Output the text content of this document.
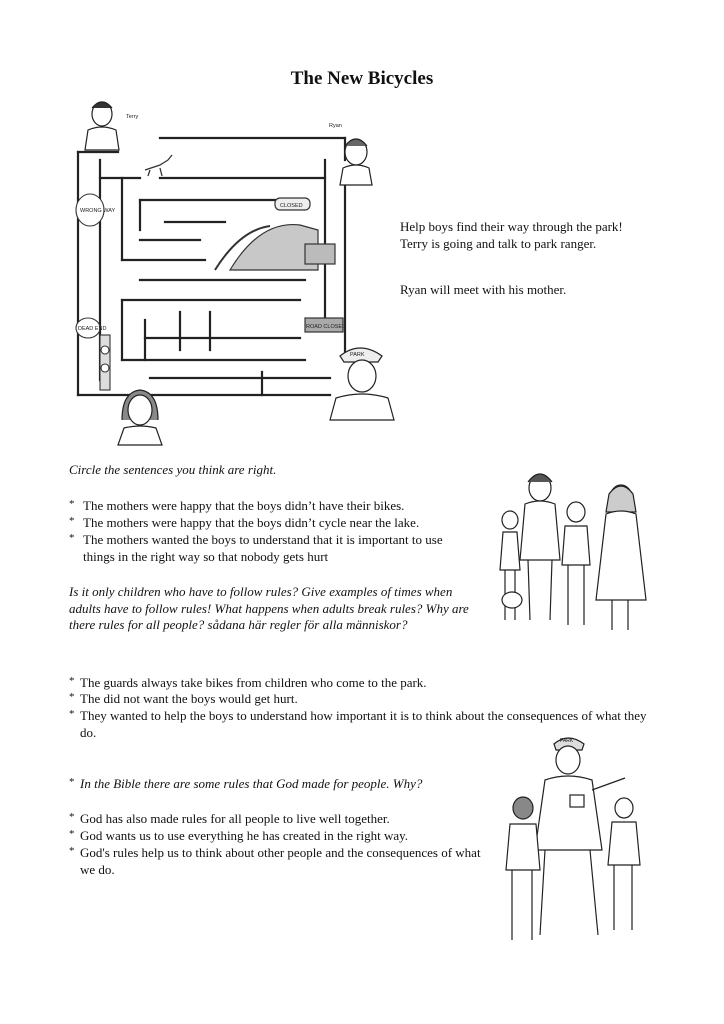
The New Bicycles
Terry
Ryan
WRONG WAY
DEAD END
CLOSED
ROAD CLOSED
PARK
Help boys find their way through the park!
Terry is going and talk to park ranger.
Ryan will meet with his mother.
Circle the sentences you think are right.
* The mothers were happy that the boys didn’t have their bikes.
* The mothers were happy that the boys didn’t cycle near the lake.
* The mothers wanted the boys to understand that it is important to use things in the right way so that nobody gets hurt
Is it only children who have to follow rules? Give examples of times when adults have to follow rules! What happens when adults break rules? Why are there rules for all people? sådana här regler för alla människor?
* The guards always take bikes from children who come to the park.
* The did not want the boys would get hurt.
* They wanted to help the boys to understand how important it is to think about the consequences of what they do.
* In the Bible there are some rules that God made for people. Why?
* God has also made rules for all people to live well together.
* God wants us to use everything he has created in the right way.
* God's rules help us to think about other people and the consequences of what we do.
PARK
